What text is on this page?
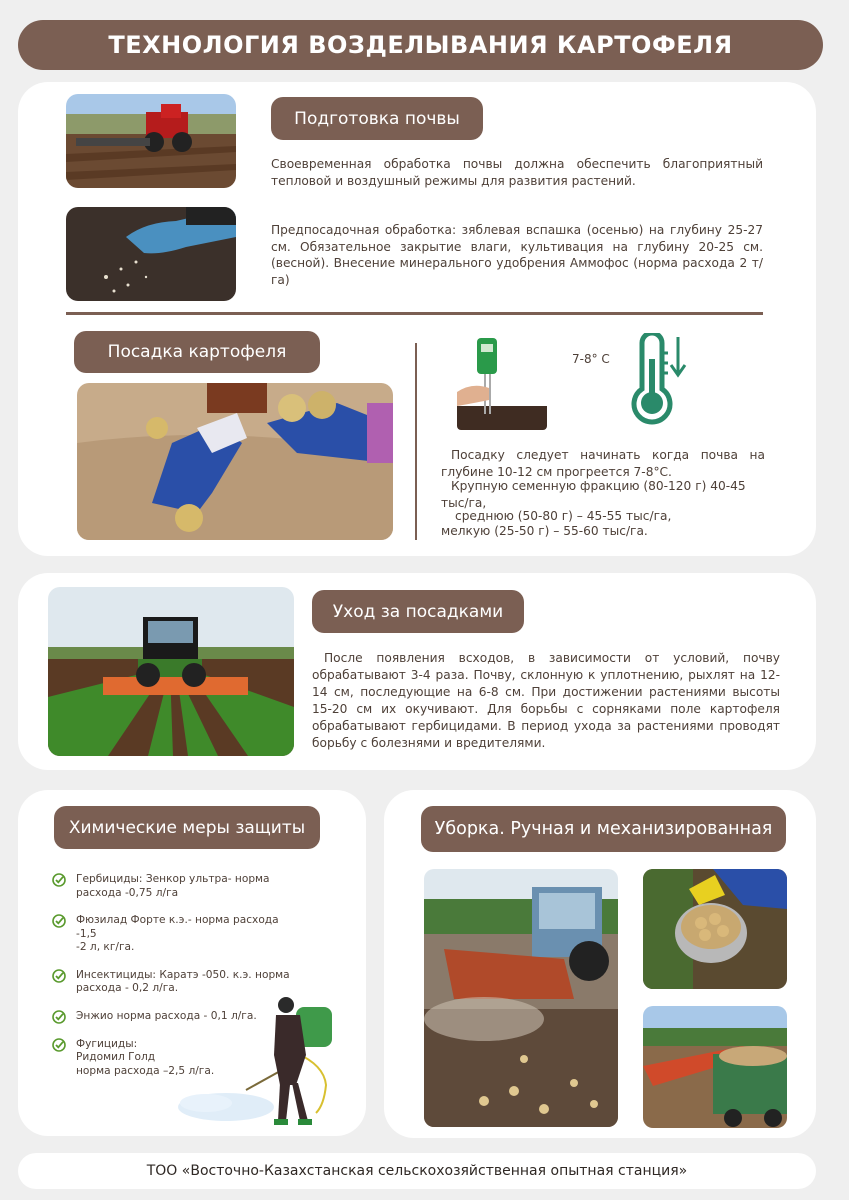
ТЕХНОЛОГИЯ ВОЗДЕЛЫВАНИЯ КАРТОФЕЛЯ
Подготовка почвы
Своевременная обработка почвы должна обеспечить благоприятный тепловой и воздушный режимы для развития растений.
Предпосадочная обработка: зяблевая вспашка (осенью) на глубину 25-27 см. Обязательное закрытие влаги, культивация на глубину 20-25 см. (весной). Внесение минерального удобрения Аммофос (норма расхода 2 т/га)
Посадка картофеля	7-8° С
Посадку следует начинать когда почва на глубине 10-12 см прогреется 7-8°С.
Крупную семенную фракцию (80-120 г) 40-45 тыс/га,
среднюю (50-80 г) – 45-55 тыс/га,
мелкую (25-50 г) – 55-60 тыс/га.
Уход за посадками
После появления всходов, в зависимости от условий, почву обрабатывают 3-4 раза. Почву, склонную к уплотнению, рыхлят на 12-14 см, последующие на 6-8 см. При достижении растениями высоты 15-20 см их окучивают. Для борьбы с сорняками поле картофеля обрабатывают гербицидами. В период ухода за растениями проводят борьбу с болезнями и вредителями.
Химические меры защиты
Гербициды: Зенкор ультра- норма
расхода -0,75 л/га
Фюзилад Форте к.э.- норма расхода -1,5
-2 л, кг/га.
Инсектициды: Каратэ -050. к.э. норма
расхода - 0,2 л/га.
Энжио норма расхода - 0,1 л/га.
Фугициды:
Ридомил Голд
норма расхода –2,5 л/га.
Уборка. Ручная и механизированная
ТОО «Восточно-Казахстанская сельскохозяйственная опытная станция»
